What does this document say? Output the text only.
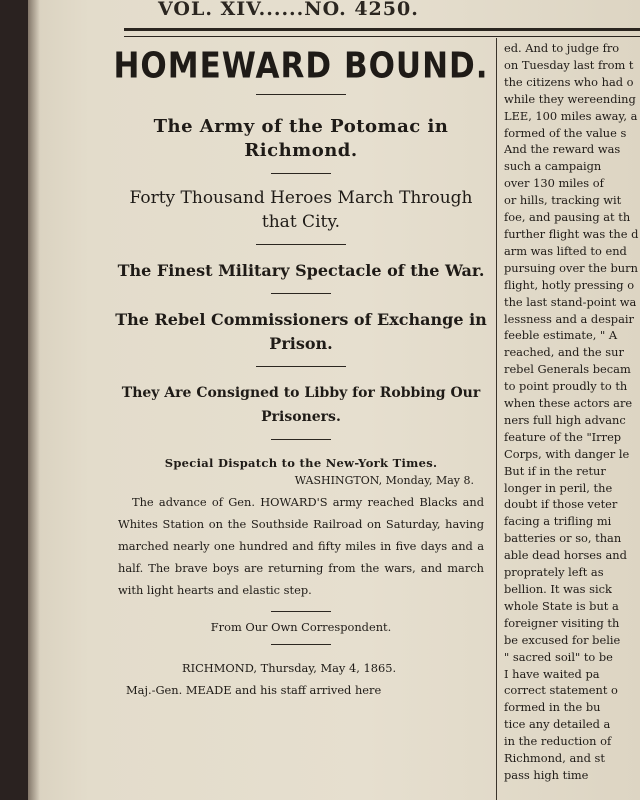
VOL. XIV......NO. 4250.
HOMEWARD BOUND.
The Army of the Potomac in Richmond.
Forty Thousand Heroes March Through that City.
The Finest Military Spectacle of the War.
The Rebel Commissioners of Exchange in Prison.
They Are Consigned to Libby for Robbing Our Prisoners.
Special Dispatch to the New-York Times.
WASHINGTON, Monday, May 8.

The advance of Gen. HOWARD'S army reached Blacks and Whites Station on the Southside Railroad on Saturday, having marched nearly one hundred and fifty miles in five days and a half. The brave boys are returning from the wars, and march with light hearts and elastic step.

From Our Own Correspondent.
RICHMOND, Thursday, May 4, 1865.
Maj.-Gen. MEADE and his staff arrived here
ed. And to judge fro
on Tuesday last from t
the citizens who had o
while they wereending
LEE, 100 miles away, a
formed of the value s
And the reward was
such a campaign
over 130 miles of
or hills, tracking wit
foe, and pausing at th
further flight was the d
arm was lifted to end
pursuing over the burn
flight, hotly pressing o
the last stand-point wa
lessness and a despair
feeble estimate, " A
reached, and the sur
rebel Generals becam
to point proudly to th
when these actors are
ners full high advanc
feature of the "Irrep
Corps, with danger le
But if in the retur
longer in peril, the
doubt if those veter
facing a trifling mi
batteries or so, than
able dead horses and
proprately left as
bellion. It was sick
whole State is but a
foreigner visiting th
be excused for belie
" sacred soil" to be
I have waited pa
correct statement o
formed in the bu
tice any detailed a
in the reduction of
Richmond, and st
pass high time
